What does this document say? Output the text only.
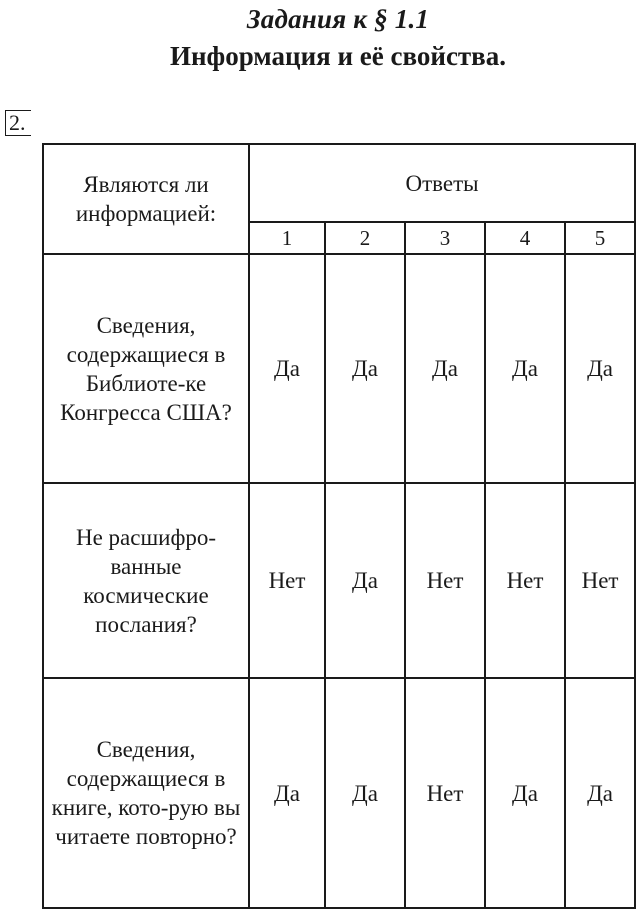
Задания к § 1.1
Информация и её свойства.
2.
Являются ли информацией:	Ответы				
	1	2	3	4	5
Сведения, содержащиеся в Библиоте-ке Конгресса США?	Да	Да	Да	Да	Да
Не расшифро-ванные космические послания?	Нет	Да	Нет	Нет	Нет
Сведения, содержащиеся в книге, кото-рую вы читаете повторно?	Да	Да	Нет	Да	Да
